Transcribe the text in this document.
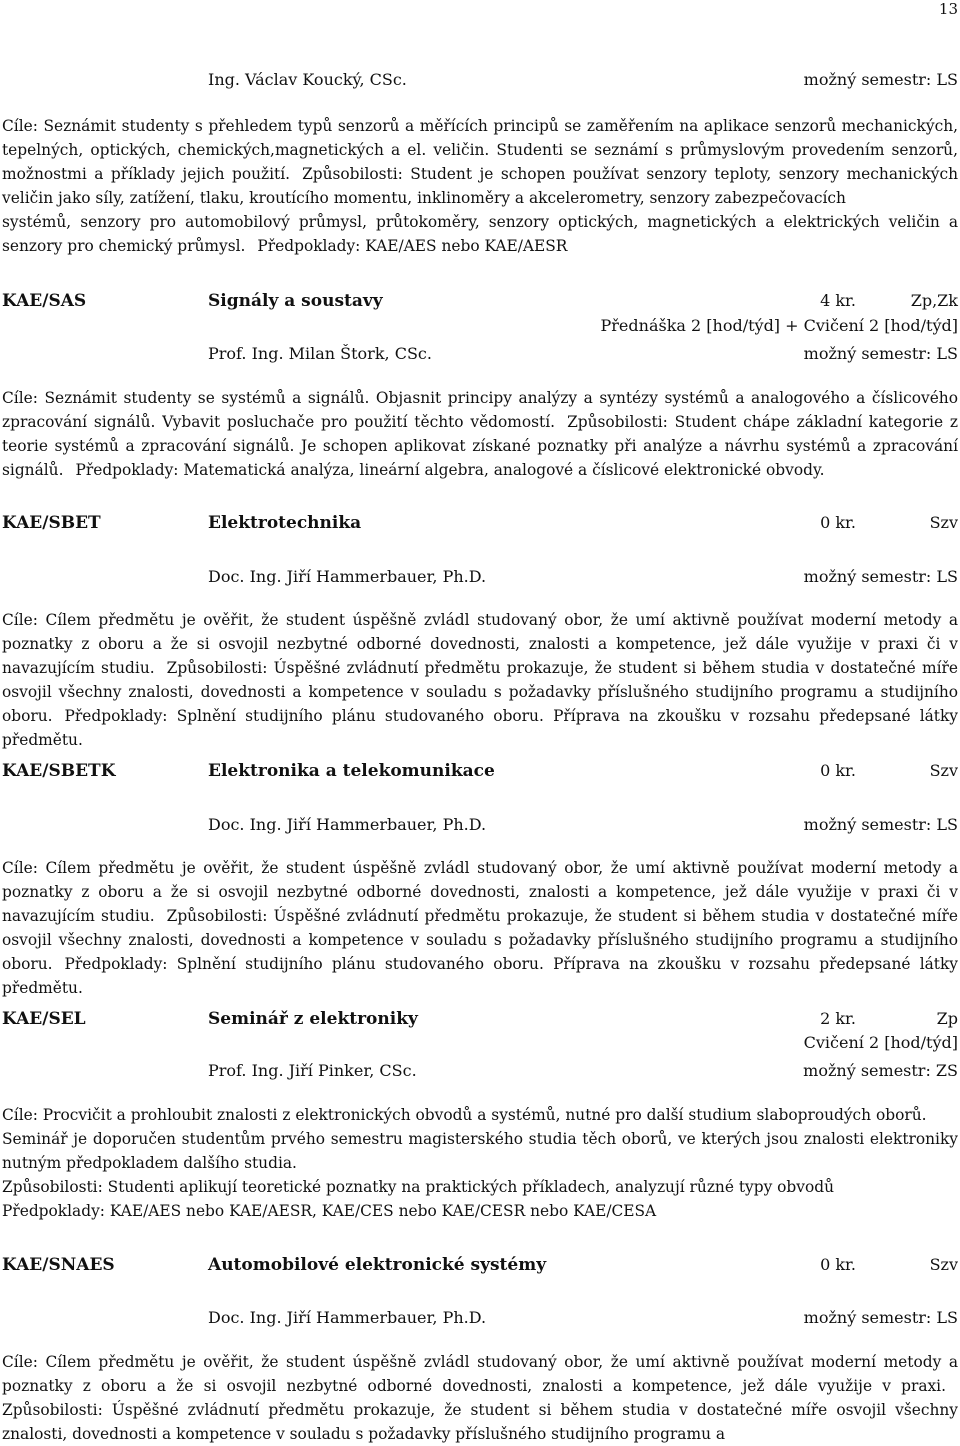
13
Ing. Václav Koucký, CSc.	možný semestr: LS

Cíle: Seznámit studenty s přehledem typů senzorů a měřících principů se zaměřením na aplikace senzorů mechanických, tepelných, optických, chemických,magnetických a el. veličin. Studenti se seznámí s průmyslovým provedením senzorů, možnostmi a příklady jejich použití. Způsobilosti: Student je schopen používat senzory teploty, senzory mechanických veličin jako síly, zatížení, tlaku, kroutícího momentu, inklinoměry a akcelerometry, senzory zabezpečovacích

systémů, senzory pro automobilový průmysl, průtokoměry, senzory optických, magnetických a elektrických veličin a senzory pro chemický průmysl. Předpoklady: KAE/AES nebo KAE/AESR

KAE/SAS	Signály a soustavy	4 kr.	Zp,Zk
Přednáška 2 [hod/týd] + Cvičení 2 [hod/týd]
Prof. Ing. Milan Štork, CSc.	možný semestr: LS

Cíle: Seznámit studenty se systémů a signálů. Objasnit principy analýzy a syntézy systémů a analogového a číslicového zpracování signálů. Vybavit posluchače pro použití těchto vědomostí. Způsobilosti: Student chápe základní kategorie z teorie systémů a zpracování signálů. Je schopen aplikovat získané poznatky při analýze a návrhu systémů a zpracování signálů. Předpoklady: Matematická analýza, lineární algebra, analogové a číslicové elektronické obvody.

KAE/SBET	Elektrotechnika	0 kr.	Szv
Doc. Ing. Jiří Hammerbauer, Ph.D.	možný semestr: LS

Cíle: Cílem předmětu je ověřit, že student úspěšně zvládl studovaný obor, že umí aktivně používat moderní metody a poznatky z oboru a že si osvojil nezbytné odborné dovednosti, znalosti a kompetence, jež dále využije v praxi či v navazujícím studiu. Způsobilosti: Úspěšné zvládnutí předmětu prokazuje, že student si během studia v dostatečné míře osvojil všechny znalosti, dovednosti a kompetence v souladu s požadavky příslušného studijního programu a studijního oboru. Předpoklady: Splnění studijního plánu studovaného oboru. Příprava na zkoušku v rozsahu předepsané látky předmětu.

KAE/SBETK	Elektronika a telekomunikace	0 kr.	Szv
Doc. Ing. Jiří Hammerbauer, Ph.D.	možný semestr: LS

Cíle: Cílem předmětu je ověřit, že student úspěšně zvládl studovaný obor, že umí aktivně používat moderní metody a poznatky z oboru a že si osvojil nezbytné odborné dovednosti, znalosti a kompetence, jež dále využije v praxi či v navazujícím studiu. Způsobilosti: Úspěšné zvládnutí předmětu prokazuje, že student si během studia v dostatečné míře osvojil všechny znalosti, dovednosti a kompetence v souladu s požadavky příslušného studijního programu a studijního oboru. Předpoklady: Splnění studijního plánu studovaného oboru. Příprava na zkoušku v rozsahu předepsané látky předmětu.

KAE/SEL	Seminář z elektroniky	2 kr.	Zp
Cvičení 2 [hod/týd]
Prof. Ing. Jiří Pinker, CSc.	možný semestr: ZS

Cíle: Procvičit a prohloubit znalosti z elektronických obvodů a systémů, nutné pro další studium slaboproudých oborů.

Seminář je doporučen studentům prvého semestru magisterského studia těch oborů, ve kterých jsou znalosti elektroniky nutným předpokladem dalšího studia.

Způsobilosti: Studenti aplikují teoretické poznatky na praktických příkladech, analyzují různé typy obvodů

Předpoklady: KAE/AES nebo KAE/AESR, KAE/CES nebo KAE/CESR nebo KAE/CESA

KAE/SNAES	Automobilové elektronické systémy	0 kr.	Szv
Doc. Ing. Jiří Hammerbauer, Ph.D.	možný semestr: LS

Cíle: Cílem předmětu je ověřit, že student úspěšně zvládl studovaný obor, že umí aktivně používat moderní metody a poznatky z oboru a že si osvojil nezbytné odborné dovednosti, znalosti a kompetence, jež dále využije v praxi.Způsobilosti: Úspěšné zvládnutí předmětu prokazuje, že student si během studia v dostatečné míře osvojil všechny znalosti, dovednosti a kompetence v souladu s požadavky příslušného studijního programu a
